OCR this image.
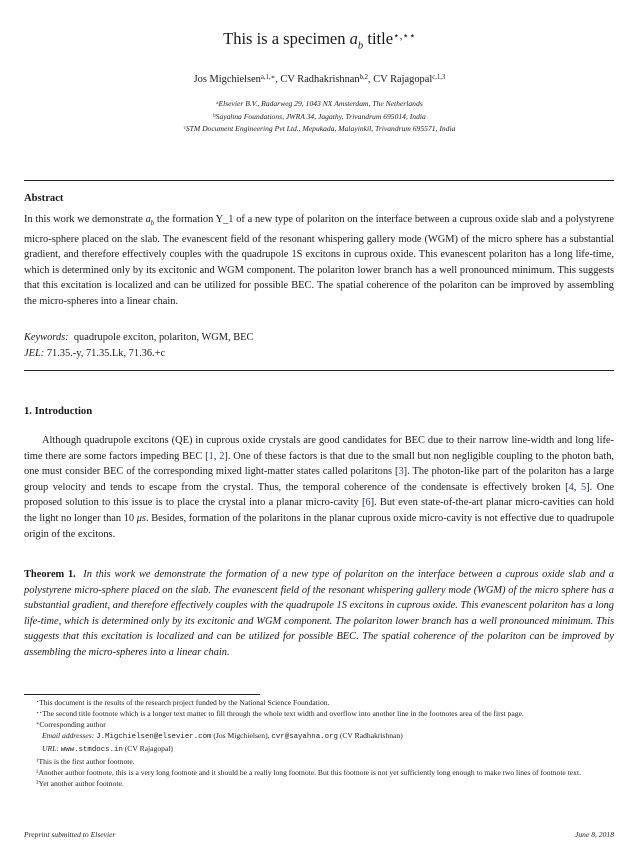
This is a specimen $a_b$ title⋆,⋆⋆
Jos Migchielsen$^{a,1,∗}$, CV Radhakrishnan$^{b,2}$, CV Rajagopal$^{c,1,3}$
$^a$Elsevier B.V., Radarweg 29, 1043 NX Amsterdam, The Netherlands
$^b$Sayahna Foundations, JWRA 34, Jagathy, Trivandrum 695014, India
$^c$STM Document Engineering Pvt Ltd., Mepukada, Malayinkil, Trivandrum 695571, India
Abstract
In this work we demonstrate $a_b$ the formation Y_1 of a new type of polariton on the interface between a cuprous oxide slab and a polystyrene micro-sphere placed on the slab. The evanescent field of the resonant whispering gallery mode (WGM) of the micro sphere has a substantial gradient, and therefore effectively couples with the quadrupole 1S excitons in cuprous oxide. This evanescent polariton has a long life-time, which is determined only by its excitonic and WGM component. The polariton lower branch has a well pronounced minimum. This suggests that this excitation is localized and can be utilized for possible BEC. The spatial coherence of the polariton can be improved by assembling the micro-spheres into a linear chain.
Keywords: quadrupole exciton, polariton, WGM, BEC
JEL: 71.35.-y, 71.35.Lk, 71.36.+c
1. Introduction
Although quadrupole excitons (QE) in cuprous oxide crystals are good candidates for BEC due to their narrow line-width and long life-time there are some factors impeding BEC [1, 2]. One of these factors is that due to the small but non negligible coupling to the photon bath, one must consider BEC of the corresponding mixed light-matter states called polaritons [3]. The photon-like part of the polariton has a large group velocity and tends to escape from the crystal. Thus, the temporal coherence of the condensate is effectively broken [4, 5]. One proposed solution to this issue is to place the crystal into a planar micro-cavity [6]. But even state-of-the-art planar micro-cavities can hold the light no longer than 10 μs. Besides, formation of the polaritons in the planar cuprous oxide micro-cavity is not effective due to quadrupole origin of the excitons.
Theorem 1. In this work we demonstrate the formation of a new type of polariton on the interface between a cuprous oxide slab and a polystyrene micro-sphere placed on the slab. The evanescent field of the resonant whispering gallery mode (WGM) of the micro sphere has a substantial gradient, and therefore effectively couples with the quadrupole 1S excitons in cuprous oxide. This evanescent polariton has a long life-time, which is determined only by its excitonic and WGM component. The polariton lower branch has a well pronounced minimum. This suggests that this excitation is localized and can be utilized for possible BEC. The spatial coherence of the polariton can be improved by assembling the micro-spheres into a linear chain.
⋆This document is the results of the research project funded by the National Science Foundation.
⋆⋆The second title footnote which is a longer text matter to fill through the whole text width and overflow into another line in the footnotes area of the first page.
∗Corresponding author
Email addresses: J.Migchielsen@elsevier.com (Jos Migchielsen), cvr@sayahna.org (CV Radhakrishnan)
URL: www.stmdocs.in (CV Rajagopal)
$^1$This is the first author footnote.
$^2$Another author footnote, this is a very long footnote and it should be a really long footnote. But this footnote is not yet sufficiently long enough to make two lines of footnote text.
$^3$Yet another author footnote.
Preprint submitted to Elsevier	June 8, 2018
